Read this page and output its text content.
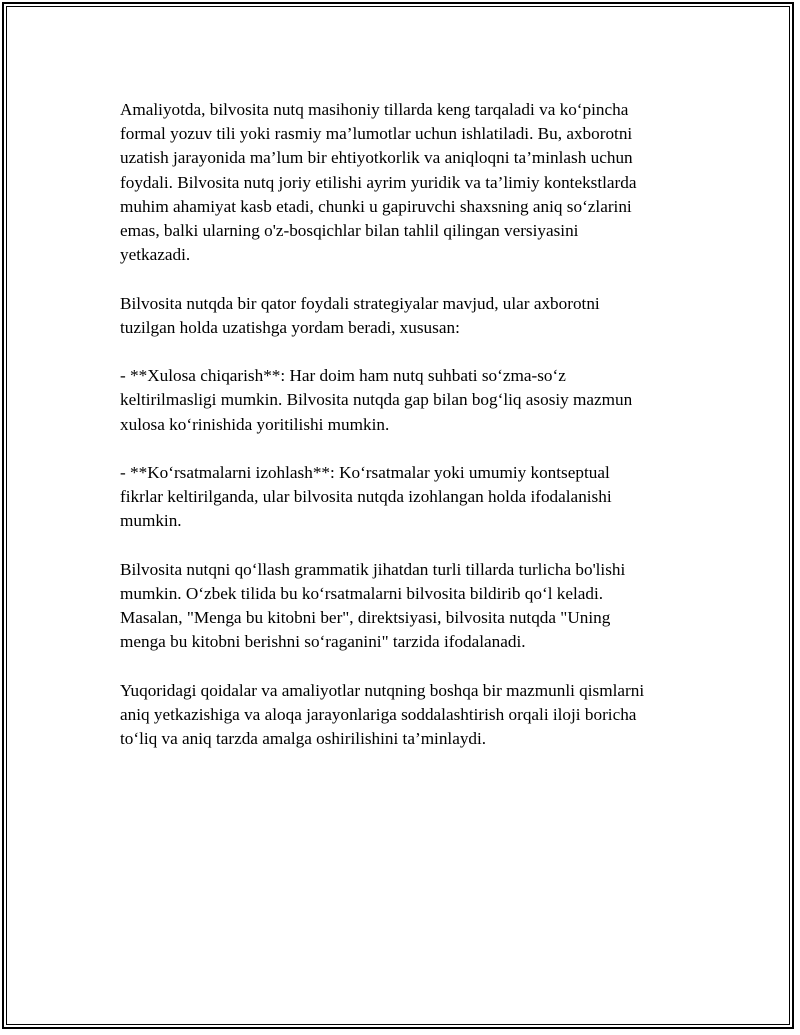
Amaliyotda, bilvosita nutq masihoniy tillarda keng tarqaladi va ko‘pincha
formal yozuv tili yoki rasmiy ma’lumotlar uchun ishlatiladi. Bu, axborotni
uzatish jarayonida ma’lum bir ehtiyotkorlik va aniqloqni ta’minlash uchun
foydali. Bilvosita nutq joriy etilishi ayrim yuridik va ta’limiy kontekstlarda
muhim ahamiyat kasb etadi, chunki u gapiruvchi shaxsning aniq so‘zlarini
emas, balki ularning o'z-bosqichlar bilan tahlil qilingan versiyasini
yetkazadi.

Bilvosita nutqda bir qator foydali strategiyalar mavjud, ular axborotni
tuzilgan holda uzatishga yordam beradi, xususan:

- **Xulosa chiqarish**: Har doim ham nutq suhbati so‘zma-so‘z
keltirilmasligi mumkin. Bilvosita nutqda gap bilan bog‘liq asosiy mazmun
xulosa ko‘rinishida yoritilishi mumkin.

- **Ko‘rsatmalarni izohlash**: Ko‘rsatmalar yoki umumiy kontseptual
fikrlar keltirilganda, ular bilvosita nutqda izohlangan holda ifodalanishi
mumkin.

Bilvosita nutqni qo‘llash grammatik jihatdan turli tillarda turlicha bo'lishi
mumkin. O‘zbek tilida bu ko‘rsatmalarni bilvosita bildirib qo‘l keladi.
Masalan, "Menga bu kitobni ber", direktsiyasi, bilvosita nutqda "Uning
menga bu kitobni berishni so‘raganini" tarzida ifodalanadi.

Yuqoridagi qoidalar va amaliyotlar nutqning boshqa bir mazmunli qismlarni
aniq yetkazishiga va aloqa jarayonlariga soddalashtirish orqali iloji boricha
to‘liq va aniq tarzda amalga oshirilishini ta’minlaydi.
